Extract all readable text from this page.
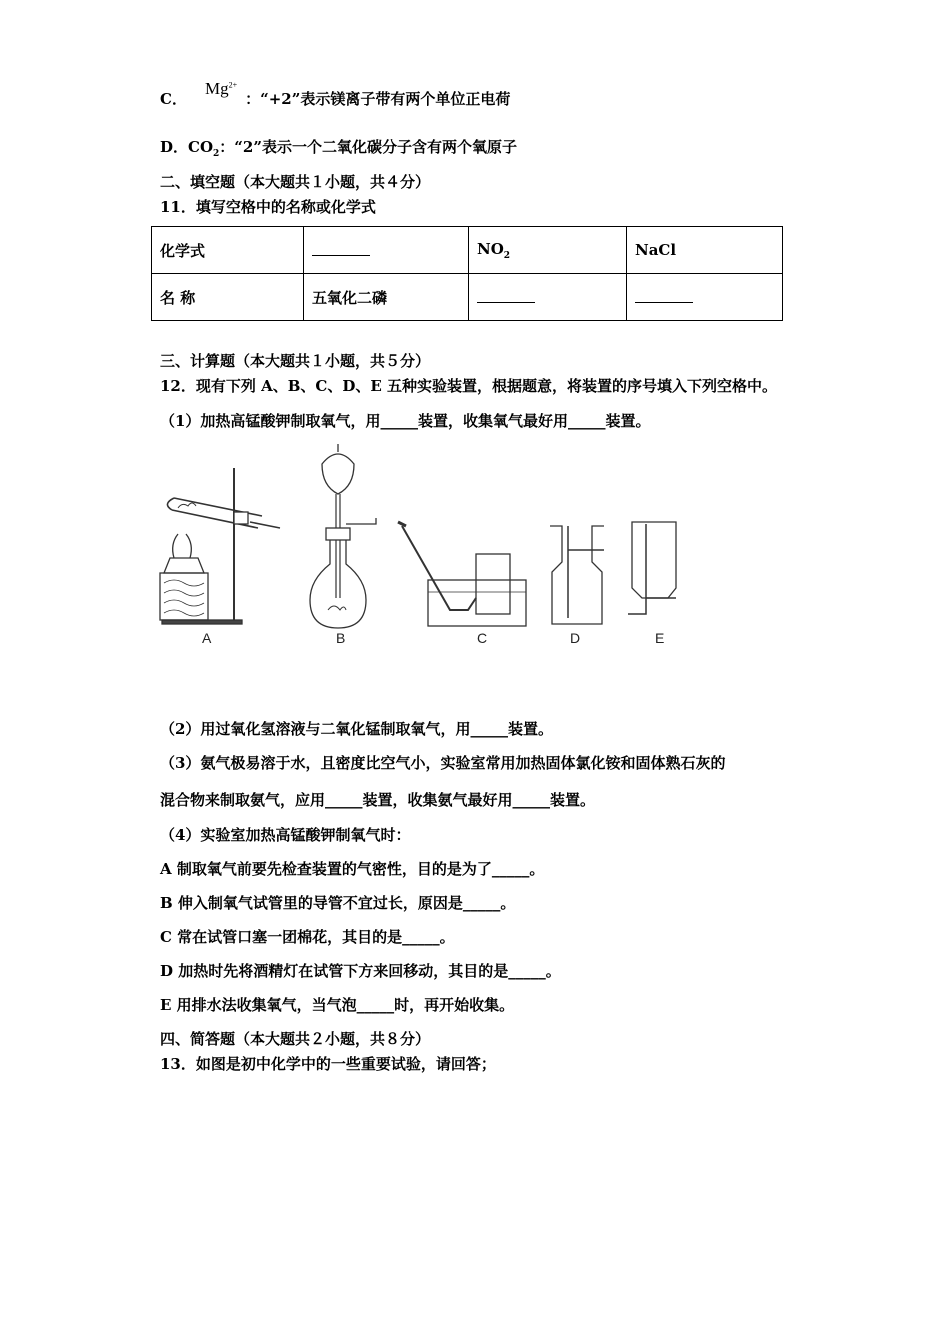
C．$Mg^{2+}$：“+2”表示镁离子带有两个单位正电荷
D．$CO_2$：“2”表示一个二氧化碳分子含有两个氧原子
二、填空题（本大题共１小题，共４分）
11．填写空格中的名称或化学式
化学式		$NO_2$	NaCl
名 称	五氧化二磷		
三、计算题（本大题共１小题，共５分）
12．现有下列 A、B、C、D、E 五种实验装置，根据题意，将装置的序号填入下列空格中。
（1）加热高锰酸钾制取氧气，用_____装置，收集氧气最好用_____装置。
A	B	C	D	E
（2）用过氧化氢溶液与二氧化锰制取氧气，用_____装置。
（3）氨气极易溶于水，且密度比空气小，实验室常用加热固体氯化铵和固体熟石灰的
混合物来制取氨气，应用_____装置，收集氨气最好用_____装置。
（4）实验室加热高锰酸钾制氧气时：
A 制取氧气前要先检查装置的气密性，目的是为了_____。
B 伸入制氧气试管里的导管不宜过长，原因是_____。
C 常在试管口塞一团棉花，其目的是_____。
D 加热时先将酒精灯在试管下方来回移动，其目的是_____。
E 用排水法收集氧气，当气泡_____时，再开始收集。
四、简答题（本大题共２小题，共８分）
13．如图是初中化学中的一些重要试验，请回答；
